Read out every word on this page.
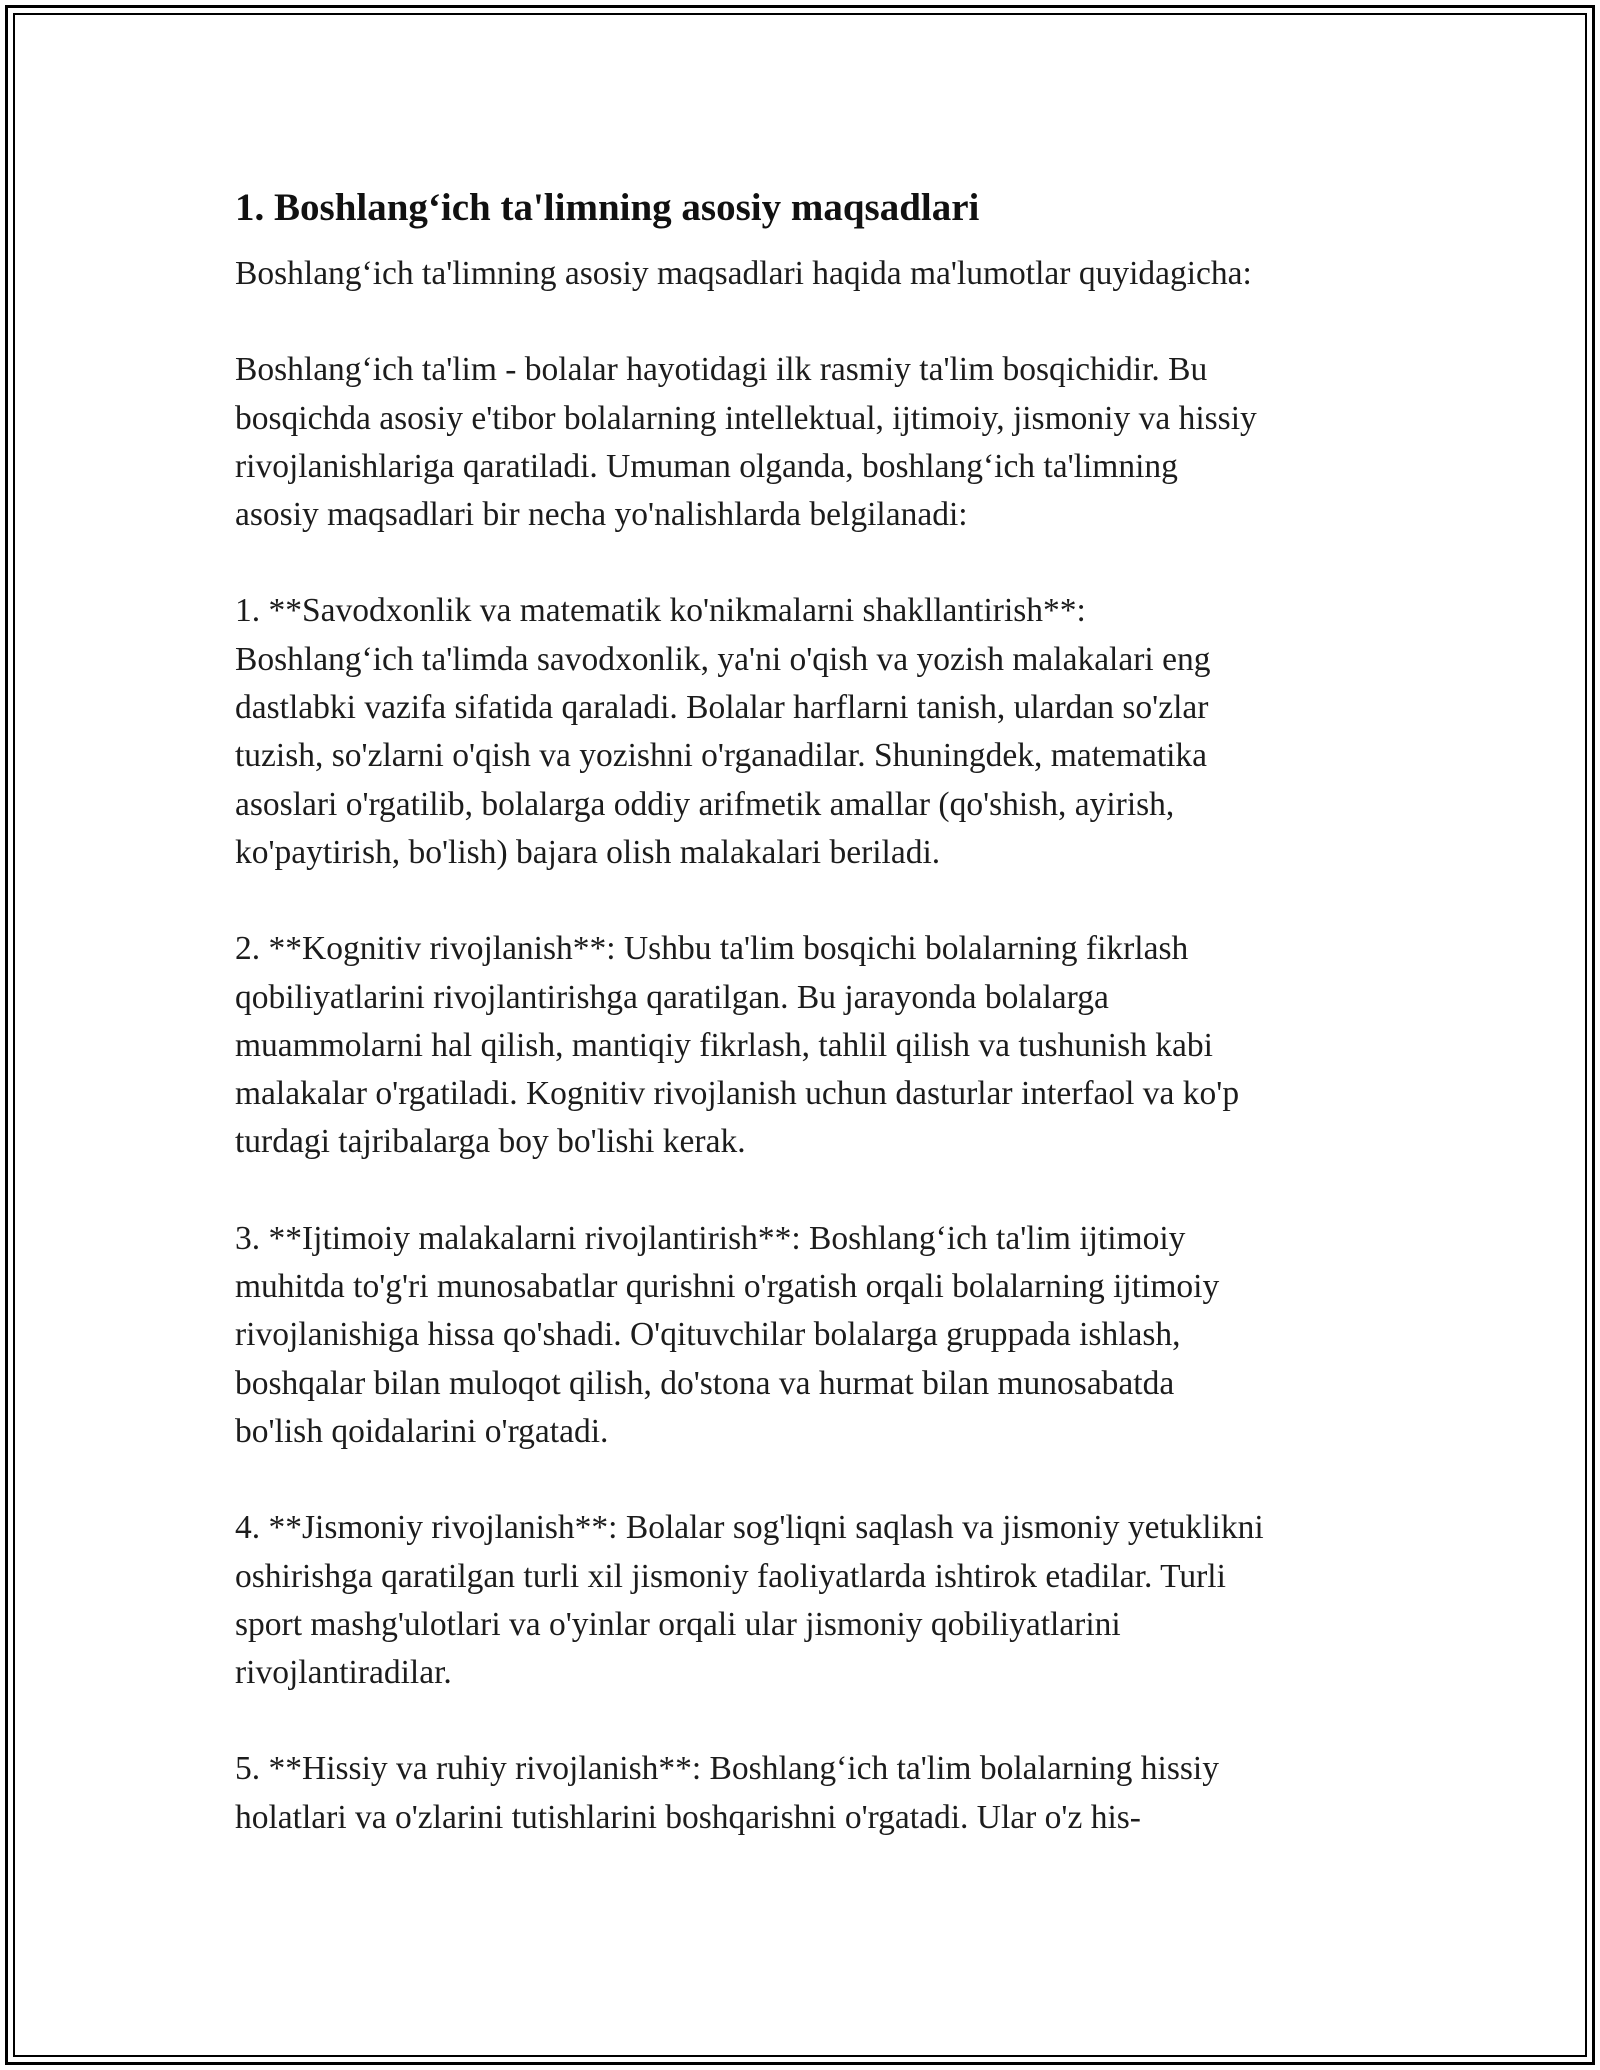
1. Boshlang‘ich ta'limning asosiy maqsadlari

Boshlang‘ich ta'limning asosiy maqsadlari haqida ma'lumotlar quyidagicha:

Boshlang‘ich ta'lim - bolalar hayotidagi ilk rasmiy ta'lim bosqichidir. Bu
bosqichda asosiy e'tibor bolalarning intellektual, ijtimoiy, jismoniy va hissiy
rivojlanishlariga qaratiladi. Umuman olganda, boshlang‘ich ta'limning
asosiy maqsadlari bir necha yo'nalishlarda belgilanadi:

1. **Savodxonlik va matematik ko'nikmalarni shakllantirish**:
Boshlang‘ich ta'limda savodxonlik, ya'ni o'qish va yozish malakalari eng
dastlabki vazifa sifatida qaraladi. Bolalar harflarni tanish, ulardan so'zlar
tuzish, so'zlarni o'qish va yozishni o'rganadilar. Shuningdek, matematika
asoslari o'rgatilib, bolalarga oddiy arifmetik amallar (qo'shish, ayirish,
ko'paytirish, bo'lish) bajara olish malakalari beriladi.

2. **Kognitiv rivojlanish**: Ushbu ta'lim bosqichi bolalarning fikrlash
qobiliyatlarini rivojlantirishga qaratilgan. Bu jarayonda bolalarga
muammolarni hal qilish, mantiqiy fikrlash, tahlil qilish va tushunish kabi
malakalar o'rgatiladi. Kognitiv rivojlanish uchun dasturlar interfaol va ko'p
turdagi tajribalarga boy bo'lishi kerak.

3. **Ijtimoiy malakalarni rivojlantirish**: Boshlang‘ich ta'lim ijtimoiy
muhitda to'g'ri munosabatlar qurishni o'rgatish orqali bolalarning ijtimoiy
rivojlanishiga hissa qo'shadi. O'qituvchilar bolalarga gruppada ishlash,
boshqalar bilan muloqot qilish, do'stona va hurmat bilan munosabatda
bo'lish qoidalarini o'rgatadi.

4. **Jismoniy rivojlanish**: Bolalar sog'liqni saqlash va jismoniy yetuklikni
oshirishga qaratilgan turli xil jismoniy faoliyatlarda ishtirok etadilar. Turli
sport mashg'ulotlari va o'yinlar orqali ular jismoniy qobiliyatlarini
rivojlantiradilar.

5. **Hissiy va ruhiy rivojlanish**: Boshlang‘ich ta'lim bolalarning hissiy
holatlari va o'zlarini tutishlarini boshqarishni o'rgatadi. Ular o'z his-
